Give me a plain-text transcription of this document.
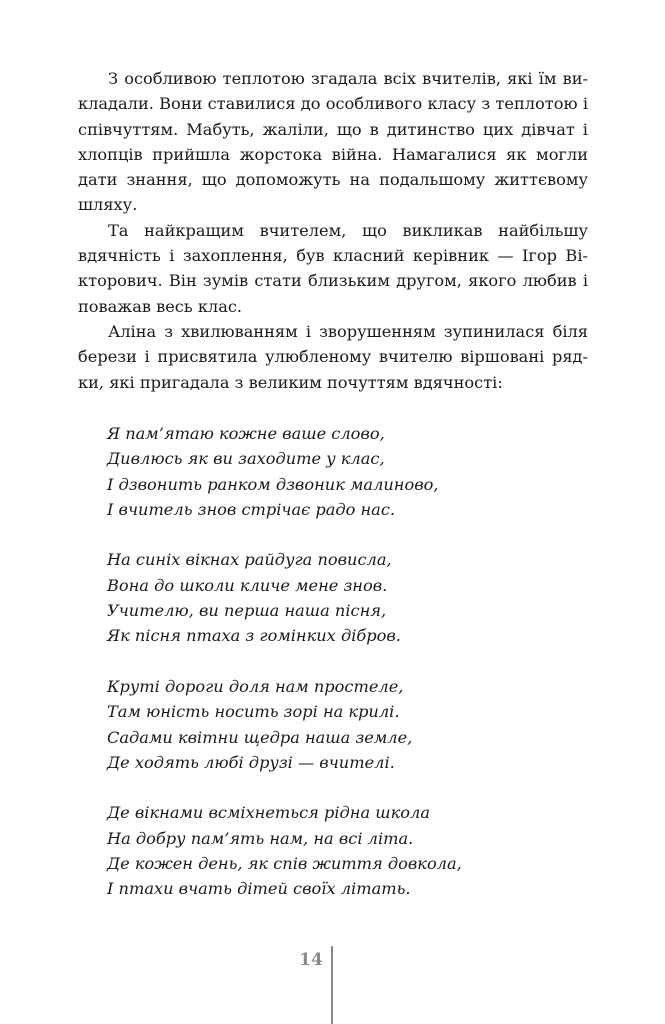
З особливою теплотою згадала всіх вчителів, які їм викладали. Вони ставилися до особливого класу з теплотою і співчуттям. Мабуть, жаліли, що в дитинство цих дівчат і хлопців прийшла жорстока війна. Намагалися як могли дати знання, що допоможуть на подальшому життєвому шляху.

Та найкращим вчителем, що викликав найбільшу вдячність і захоплення, був класний керівник — Ігор Вікторович. Він зумів стати близьким другом, якого любив і поважав весь клас.

Аліна з хвилюванням і зворушенням зупинилася біля берези і присвятила улюбленому вчителю віршовані рядки, які пригадала з великим почуттям вдячності:

Я пам’ятаю кожне ваше слово,
Дивлюсь як ви заходите у клас,
І дзвонить ранком дзвоник малиново,
І вчитель знов стрічає радо нас.
На синіх вікнах райдуга повисла,
Вона до школи кличе мене знов.
Учителю, ви перша наша пісня,
Як пісня птаха з гомінких дібров.
Круті дороги доля нам простеле,
Там юність носить зорі на крилі.
Садами квітни щедра наша земле,
Де ходять любі друзі — вчителі.
Де вікнами всміхнеться рідна школа
На добру пам’ять нам, на всі літа.
Де кожен день, як спів життя довкола,
І птахи вчать дітей своїх літать.
14
